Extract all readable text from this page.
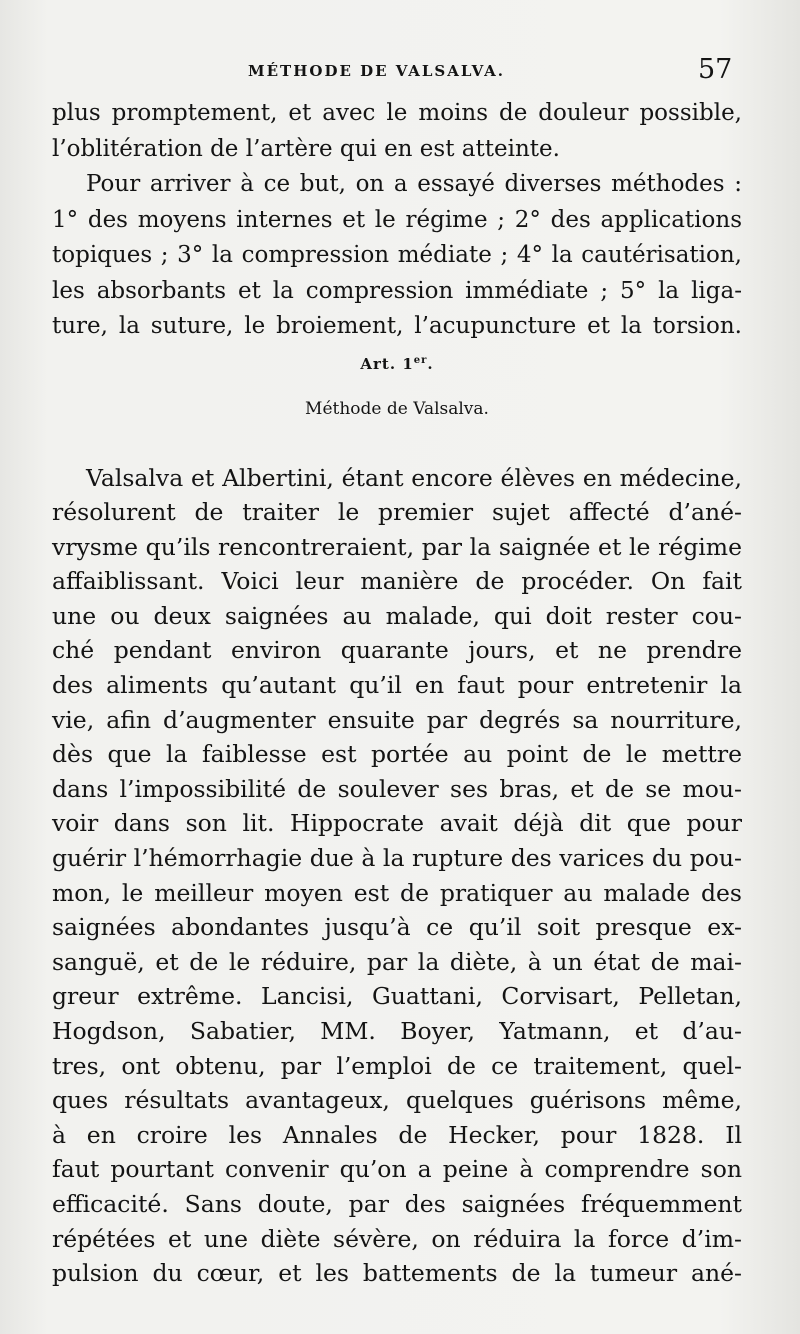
MÉTHODE DE VALSALVA.	57
plus promptement, et avec le moins de douleur possible,
l’oblitération de l’artère qui en est atteinte.
Pour arriver à ce but, on a essayé diverses méthodes :
1° des moyens internes et le régime ; 2° des applications
topiques ; 3° la compression médiate ; 4° la cautérisation,
les absorbants et la compression immédiate ; 5° la liga-
ture, la suture, le broiement, l’acupuncture et la torsion.
Art. 1er.
Méthode de Valsalva.
Valsalva et Albertini, étant encore élèves en médecine,
résolurent de traiter le premier sujet affecté d’ané-
vrysme qu’ils rencontreraient, par la saignée et le régime
affaiblissant. Voici leur manière de procéder. On fait
une ou deux saignées au malade, qui doit rester cou-
ché pendant environ quarante jours, et ne prendre
des aliments qu’autant qu’il en faut pour entretenir la
vie, afin d’augmenter ensuite par degrés sa nourriture,
dès que la faiblesse est portée au point de le mettre
dans l’impossibilité de soulever ses bras, et de se mou-
voir dans son lit. Hippocrate avait déjà dit que pour
guérir l’hémorrhagie due à la rupture des varices du pou-
mon, le meilleur moyen est de pratiquer au malade des
saignées abondantes jusqu’à ce qu’il soit presque ex-
sanguë, et de le réduire, par la diète, à un état de mai-
greur extrême. Lancisi, Guattani, Corvisart, Pelletan,
Hogdson, Sabatier, MM. Boyer, Yatmann, et d’au-
tres, ont obtenu, par l’emploi de ce traitement, quel-
ques résultats avantageux, quelques guérisons même,
à en croire les Annales de Hecker, pour 1828. Il
faut pourtant convenir qu’on a peine à comprendre son
efficacité. Sans doute, par des saignées fréquemment
répétées et une diète sévère, on réduira la force d’im-
pulsion du cœur, et les battements de la tumeur ané-
